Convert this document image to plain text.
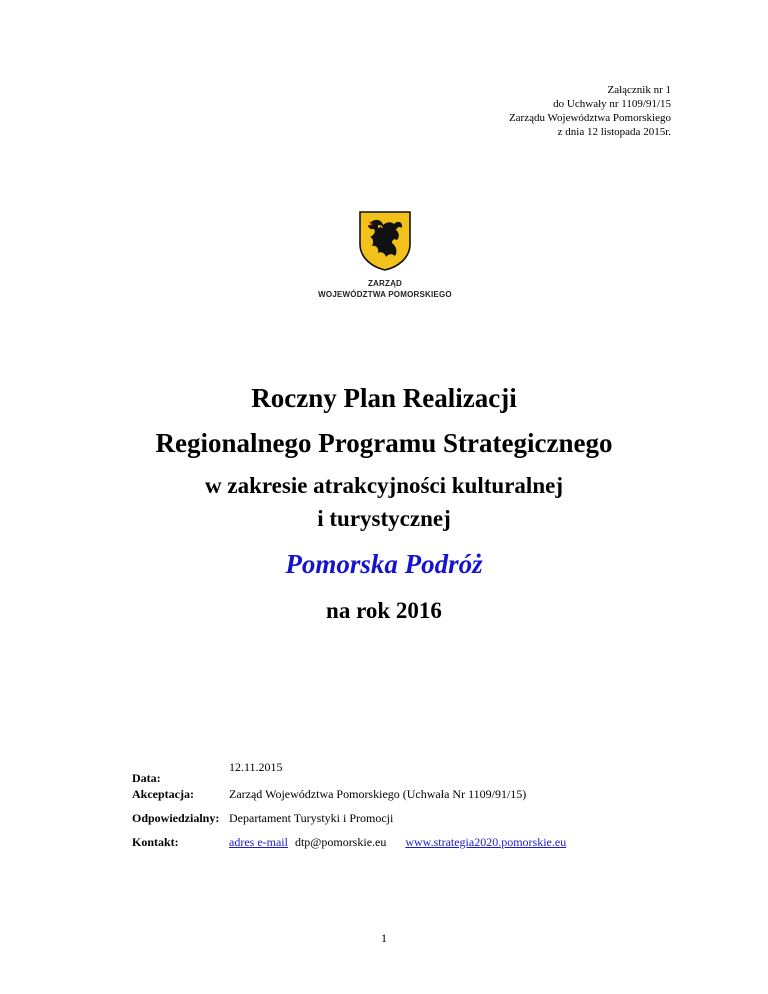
Załącznik nr 1
do Uchwały nr 1109/91/15
Zarządu Województwa Pomorskiego
z dnia 12 listopada 2015r.
ZARZĄD
WOJEWÓDZTWA POMORSKIEGO
Roczny Plan Realizacji
Regionalnego Programu Strategicznego
w zakresie atrakcyjności kulturalnej
i turystycznej
Pomorska Podróż
na rok 2016
Data:
12.11.2015
Akceptacja:	Zarząd Województwa Pomorskiego (Uchwała Nr 1109/91/15)
Odpowiedzialny: Departament Turystyki i Promocji
Kontakt:	adres e-mail dtp@pomorskie.eu www.strategia2020.pomorskie.eu
1
